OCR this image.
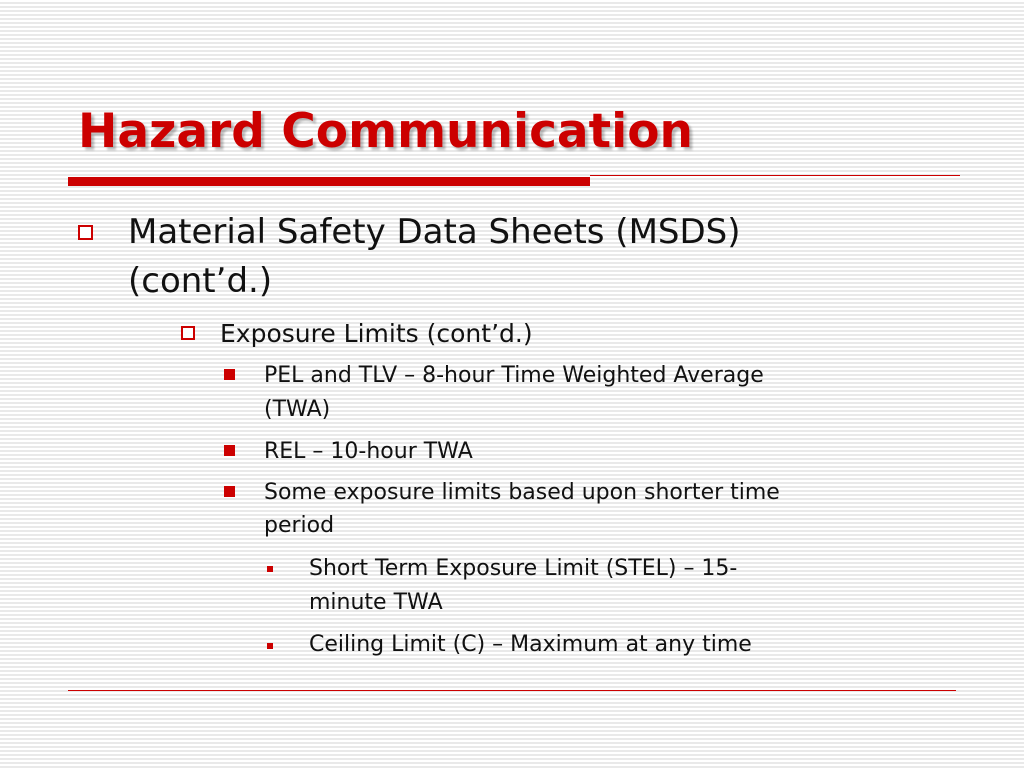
Hazard Communication
Material Safety Data Sheets (MSDS)
(cont’d.)
Exposure Limits (cont’d.)
PEL and TLV – 8-hour Time Weighted Average
(TWA)
REL – 10-hour TWA
Some exposure limits based upon shorter time
period
Short Term Exposure Limit (STEL) – 15-
minute TWA
Ceiling Limit (C) – Maximum at any time
